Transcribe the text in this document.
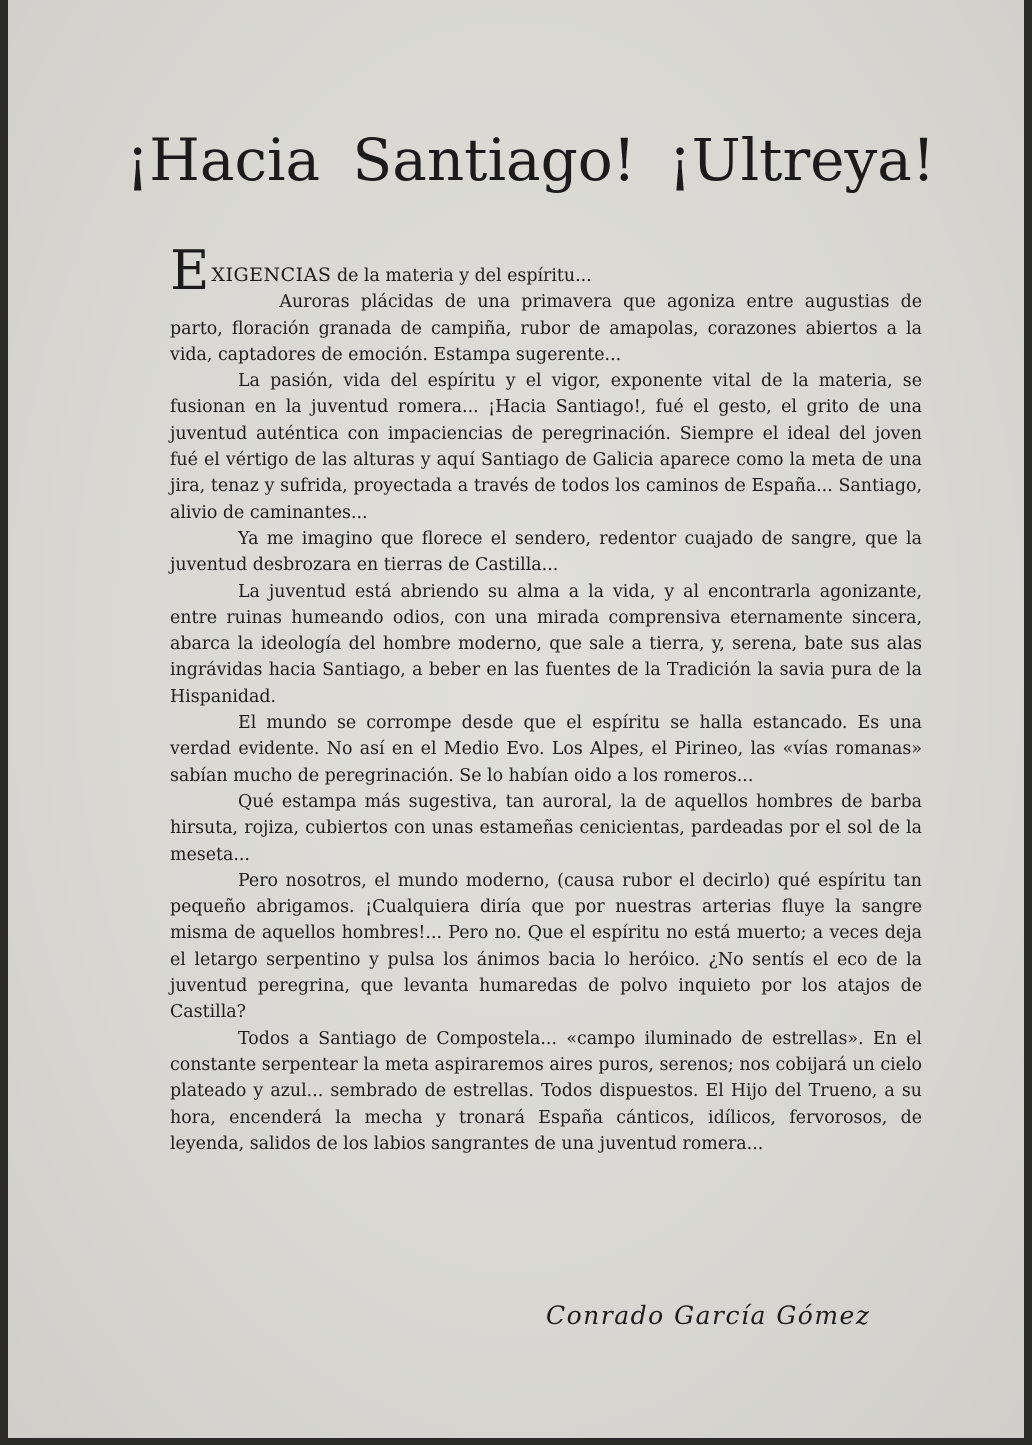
¡Hacia Santiago! ¡Ultreya!

E XIGENCIAS de la materia y del espíritu...

Auroras plácidas de una primavera que agoniza entre augustias de parto, floración granada de campiña, rubor de amapolas, corazones abiertos a la vida, captadores de emoción. Estampa sugerente...

La pasión, vida del espíritu y el vigor, exponente vital de la materia, se fusionan en la juventud romera... ¡Hacia Santiago!, fué el gesto, el grito de una juventud auténtica con impaciencias de peregrinación. Siempre el ideal del joven fué el vértigo de las alturas y aquí Santiago de Galicia aparece como la meta de una jira, tenaz y sufrida, proyectada a través de todos los caminos de España... Santiago, alivio de caminantes...

Ya me imagino que florece el sendero, redentor cuajado de sangre, que la juventud desbrozara en tierras de Castilla...

La juventud está abriendo su alma a la vida, y al encontrarla agonizante, entre ruinas humeando odios, con una mirada comprensiva eternamente sincera, abarca la ideología del hombre moderno, que sale a tierra, y, serena, bate sus alas ingrávidas hacia Santiago, a beber en las fuentes de la Tradición la savia pura de la Hispanidad.

El mundo se corrompe desde que el espíritu se halla estancado. Es una verdad evidente. No así en el Medio Evo. Los Alpes, el Pirineo, las «vías romanas» sabían mucho de peregrinación. Se lo habían oido a los romeros...

Qué estampa más sugestiva, tan auroral, la de aquellos hombres de barba hirsuta, rojiza, cubiertos con unas estameñas cenicientas, pardeadas por el sol de la meseta...

Pero nosotros, el mundo moderno, (causa rubor el decirlo) qué espíritu tan pequeño abrigamos. ¡Cualquiera diría que por nuestras arterias fluye la sangre misma de aquellos hombres!... Pero no. Que el espíritu no está muerto; a veces deja el letargo serpentino y pulsa los ánimos bacia lo heróico. ¿No sentís el eco de la juventud peregrina, que levanta humaredas de polvo inquieto por los atajos de Castilla?

Todos a Santiago de Compostela... «campo iluminado de estrellas». En el constante serpentear la meta aspiraremos aires puros, serenos; nos cobijará un cielo plateado y azul... sembrado de estrellas. Todos dispuestos. El Hijo del Trueno, a su hora, encenderá la mecha y tronará España cánticos, idílicos, fervorosos, de leyenda, salidos de los labios sangrantes de una juventud romera...

Conrado García Gómez
